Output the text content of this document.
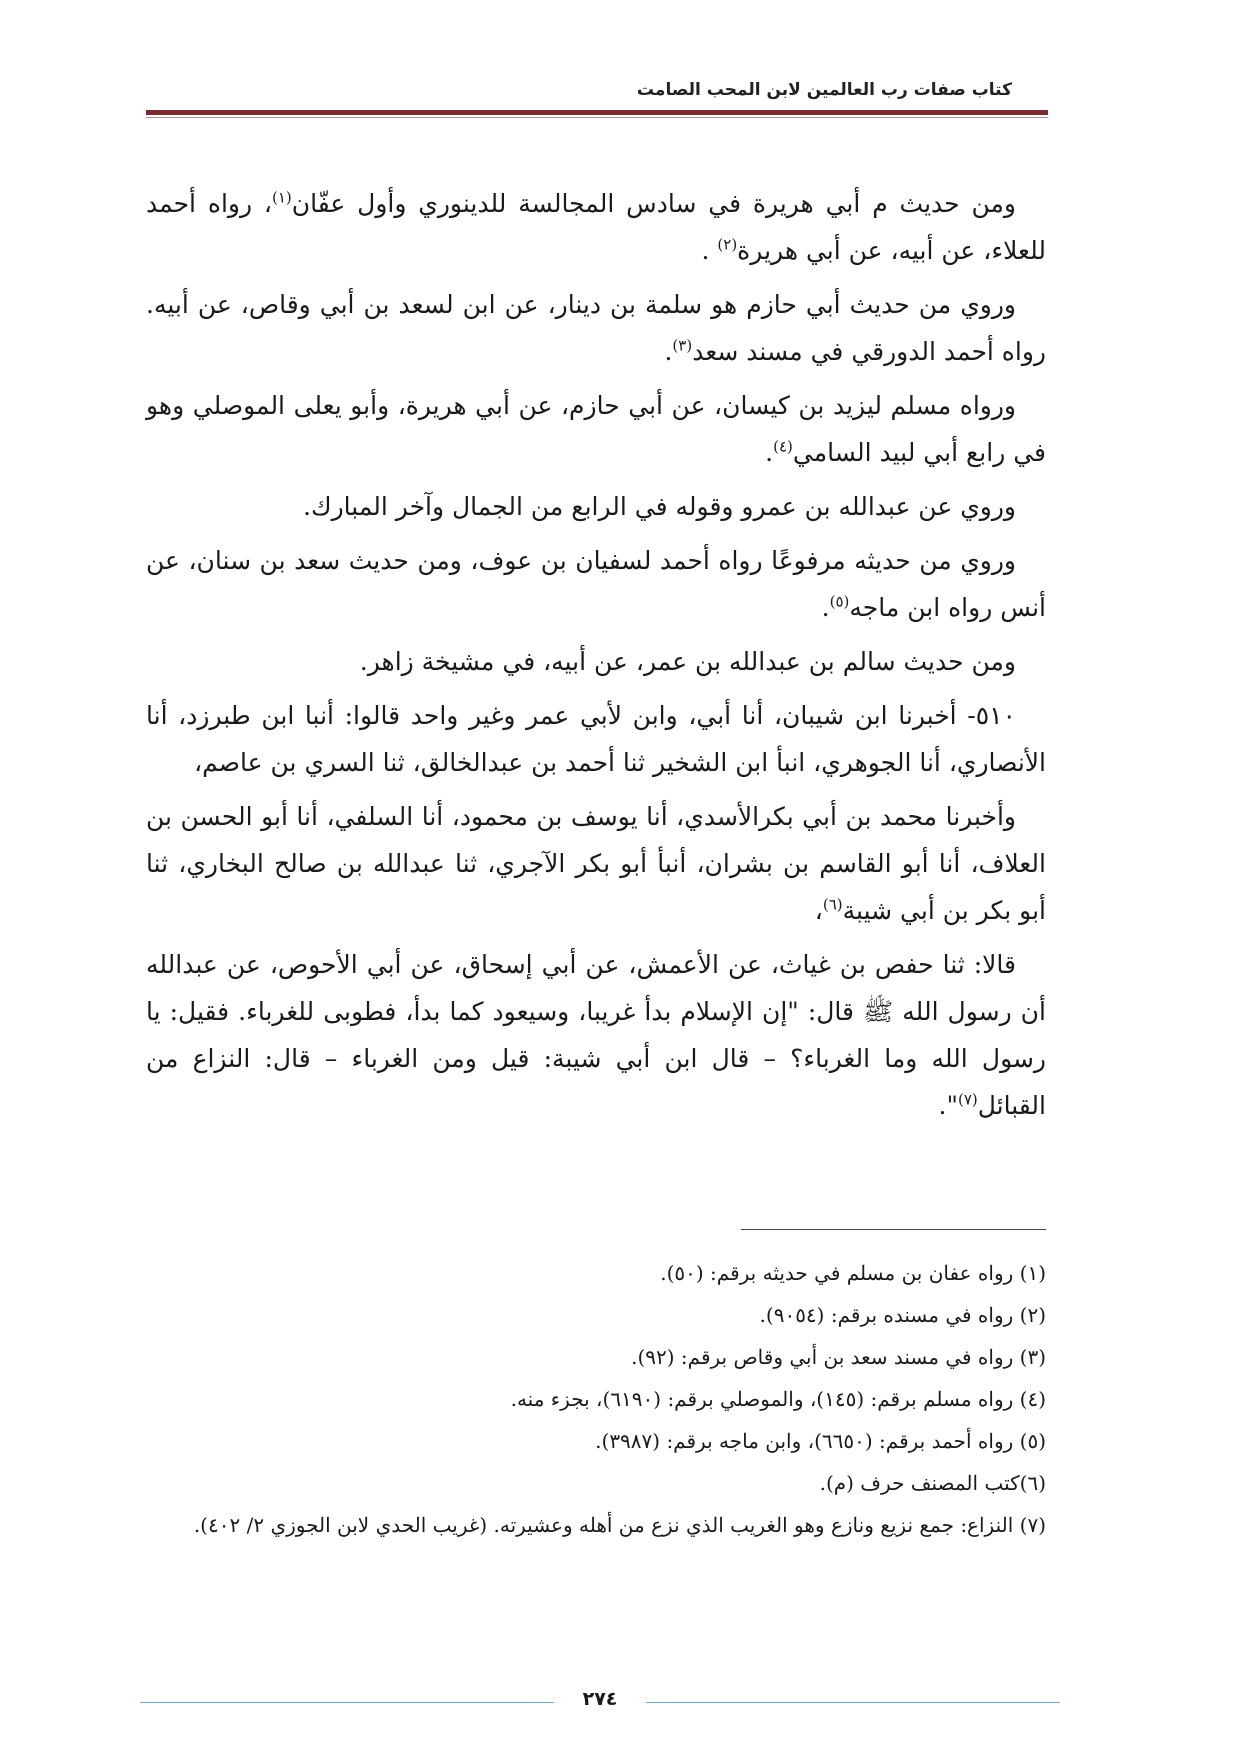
كتاب صفات رب العالمين لابن المحب الصامت

ومن حديث م أبي هريرة في سادس المجالسة للدينوري وأول عفّان$^{(١)}$، رواه أحمد للعلاء، عن أبيه، عن أبي هريرة$^{(٢)}$ .

وروي من حديث أبي حازم هو سلمة بن دينار، عن ابن لسعد بن أبي وقاص، عن أبيه. رواه أحمد الدورقي في مسند سعد$^{(٣)}$.

ورواه مسلم ليزيد بن كيسان، عن أبي حازم، عن أبي هريرة، وأبو يعلى الموصلي وهو في رابع أبي لبيد السامي$^{(٤)}$.

وروي عن عبدالله بن عمرو وقوله في الرابع من الجمال وآخر المبارك.

وروي من حديثه مرفوعًا رواه أحمد لسفيان بن عوف، ومن حديث سعد بن سنان، عن أنس رواه ابن ماجه$^{(٥)}$.

ومن حديث سالم بن عبدالله بن عمر، عن أبيه، في مشيخة زاهر.

٥١٠- أخبرنا ابن شيبان، أنا أبي، وابن لأبي عمر وغير واحد قالوا: أنبا ابن طبرزد، أنا الأنصاري، أنا الجوهري، انبأ ابن الشخير ثنا أحمد بن عبدالخالق، ثنا السري بن عاصم،

وأخبرنا محمد بن أبي بكرالأسدي، أنا يوسف بن محمود، أنا السلفي، أنا أبو الحسن بن العلاف، أنا أبو القاسم بن بشران، أنبأ أبو بكر الآجري، ثنا عبدالله بن صالح البخاري، ثنا أبو بكر بن أبي شيبة$^{(٦)}$،

قالا: ثنا حفص بن غياث، عن الأعمش، عن أبي إسحاق، عن أبي الأحوص، عن عبدالله أن رسول الله ﷺ قال: "إن الإسلام بدأ غريبا، وسيعود كما بدأ، فطوبى للغرباء. فقيل: يا رسول الله وما الغرباء؟ – قال ابن أبي شيبة: قيل ومن الغرباء – قال: النزاع من القبائل$^{(٧)}$".

(١) رواه عفان بن مسلم في حديثه برقم: (٥٠).
(٢) رواه في مسنده برقم: (٩٠٥٤).
(٣) رواه في مسند سعد بن أبي وقاص برقم: (٩٢).
(٤) رواه مسلم برقم: (١٤٥)، والموصلي برقم: (٦١٩٠)، بجزء منه.
(٥) رواه أحمد برقم: (٦٦٥٠)، وابن ماجه برقم: (٣٩٨٧).
(٦)كتب المصنف حرف (م).
(٧) النزاع: جمع نزيع ونازع وهو الغريب الذي نزع من أهله وعشيرته. (غريب الحدي لابن الجوزي ٢/ ٤٠٢).
٢٧٤
